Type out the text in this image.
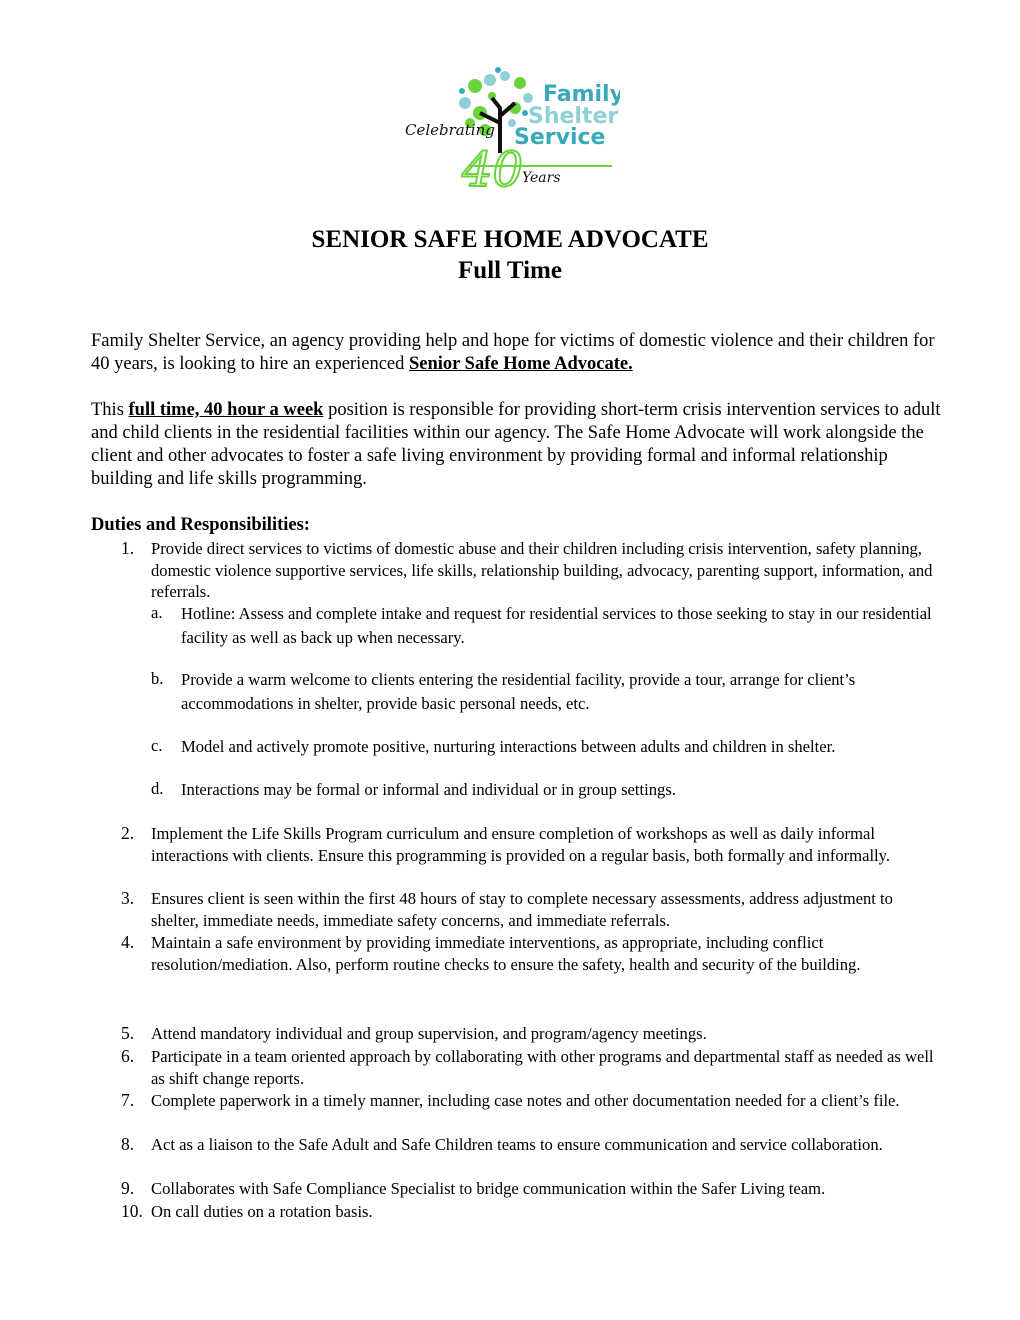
Family
Shelter
Service
Celebrating
40
Years
SENIOR SAFE HOME ADVOCATE
Full Time
Family Shelter Service, an agency providing help and hope for victims of domestic violence and their children for 40 years, is looking to hire an experienced Senior Safe Home Advocate.
This full time, 40 hour a week position is responsible for providing short-term crisis intervention services to adult and child clients in the residential facilities within our agency. The Safe Home Advocate will work alongside the client and other advocates to foster a safe living environment by providing formal and informal relationship building and life skills programming.
Duties and Responsibilities:
1. Provide direct services to victims of domestic abuse and their children including crisis intervention, safety planning, domestic violence supportive services, life skills, relationship building, advocacy, parenting support, information, and referrals.
2. Implement the Life Skills Program curriculum and ensure completion of workshops as well as daily informal interactions with clients. Ensure this programming is provided on a regular basis, both formally and informally.
3. Ensures client is seen within the first 48 hours of stay to complete necessary assessments, address adjustment to shelter, immediate needs, immediate safety concerns, and immediate referrals.
4. Maintain a safe environment by providing immediate interventions, as appropriate, including conflict resolution/mediation. Also, perform routine checks to ensure the safety, health and security of the building.
5. Attend mandatory individual and group supervision, and program/agency meetings.
6. Participate in a team oriented approach by collaborating with other programs and departmental staff as needed as well as shift change reports.
7. Complete paperwork in a timely manner, including case notes and other documentation needed for a client’s file.
8. Act as a liaison to the Safe Adult and Safe Children teams to ensure communication and service collaboration.
9. Collaborates with Safe Compliance Specialist to bridge communication within the Safer Living team.
10. On call duties on a rotation basis.
a. Hotline: Assess and complete intake and request for residential services to those seeking to stay in our residential facility as well as back up when necessary.
b. Provide a warm welcome to clients entering the residential facility, provide a tour, arrange for client’s accommodations in shelter, provide basic personal needs, etc.
c. Model and actively promote positive, nurturing interactions between adults and children in shelter.
d. Interactions may be formal or informal and individual or in group settings.
